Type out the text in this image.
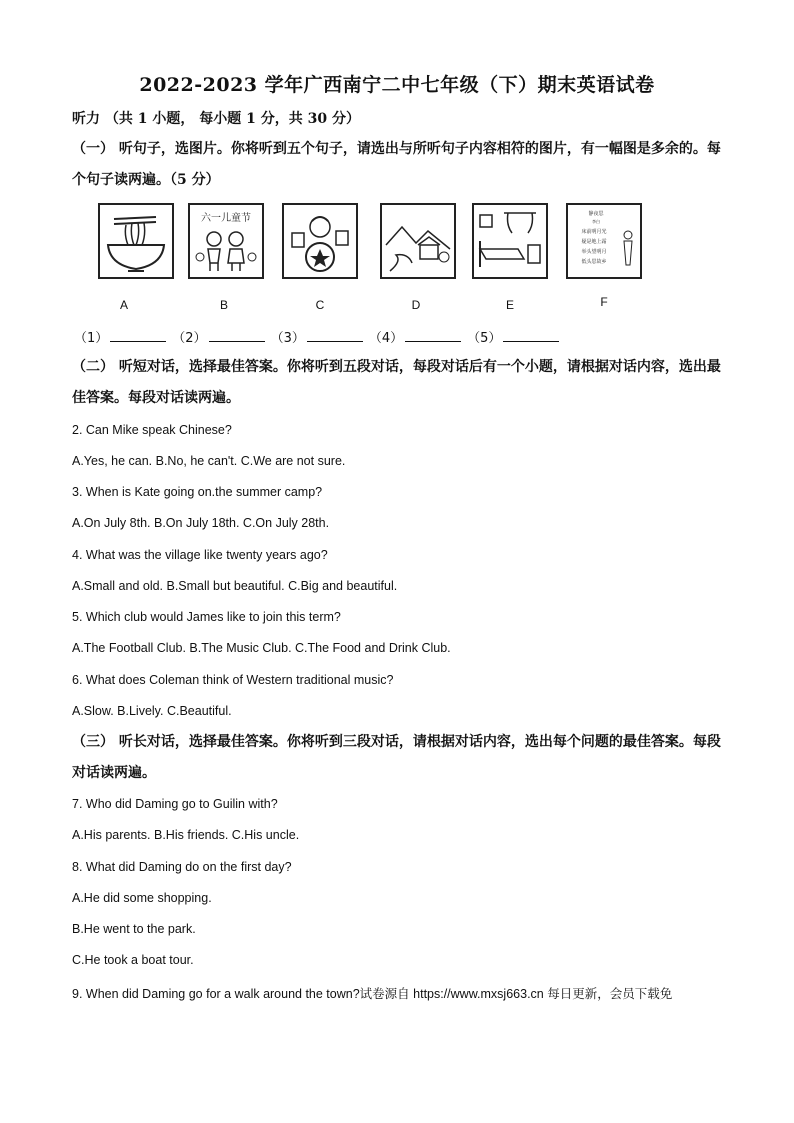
2022-2023 学年广西南宁二中七年级（下）期末英语试卷
听力 （共 1 小题， 每小题 1 分，共 30 分）
（一） 听句子，选图片。你将听到五个句子，请选出与所听句子内容相符的图片，有一幅图是多余的。每个句子读两遍。（5 分）
A
六一儿童节
B	C	D	E
静夜思
李白
床前明月光
疑是地上霜
举头望明月
低头思故乡
F
（1）	（2）	（3）	（4）	（5）
（二） 听短对话，选择最佳答案。你将听到五段对话，每段对话后有一个小题，请根据对话内容，选出最佳答案。每段对话读两遍。
2. Can Mike speak Chinese?
A.Yes, he can. B.No, he can't. C.We are not sure.
3. When is Kate going on.the summer camp?
A.On July 8th. B.On July 18th. C.On July 28th.
4. What was the village like twenty years ago?
A.Small and old. B.Small but beautiful. C.Big and beautiful.
5. Which club would James like to join this term?
A.The Football Club. B.The Music Club. C.The Food and Drink Club.
6. What does Coleman think of Western traditional music?
A.Slow. B.Lively. C.Beautiful.
（三） 听长对话，选择最佳答案。你将听到三段对话，请根据对话内容，选出每个问题的最佳答案。每段对话读两遍。
7. Who did Daming go to Guilin with?
A.His parents. B.His friends. C.His uncle.
8. What did Daming do on the first day?
A.He did some shopping.
B.He went to the park.
C.He took a boat tour.
9. When did Daming go for a walk around the town?试卷源自 https://www.mxsj663.cn 每日更新，会员下载免
